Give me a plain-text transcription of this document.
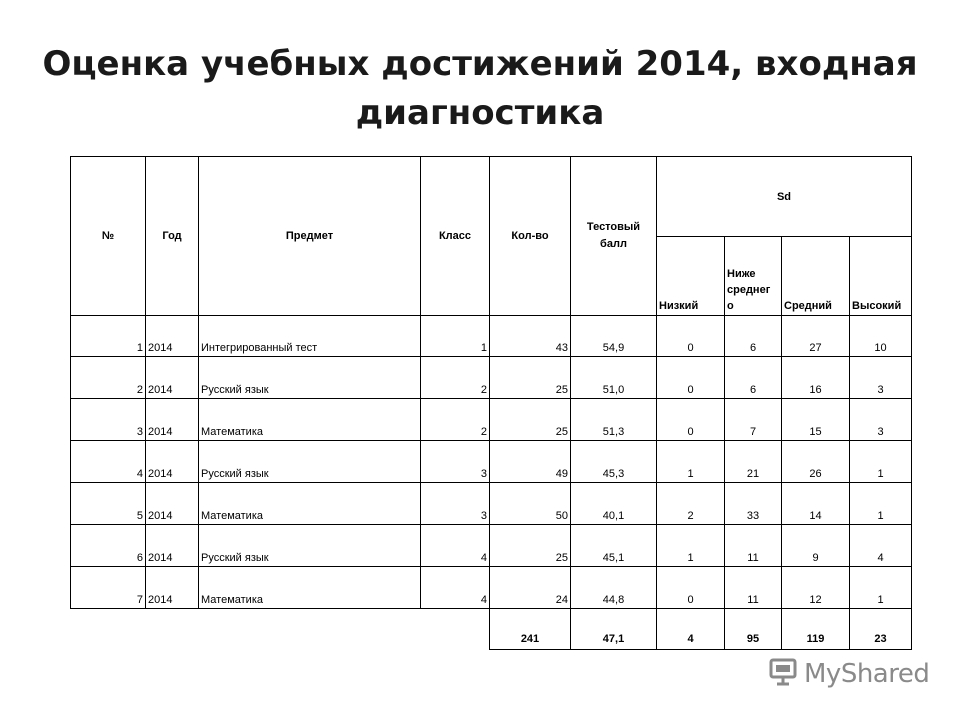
Оценка учебных достижений 2014, входная диагностика
№	Год	Предмет	Класс	Кол-во	Тестовый балл	Sd			
						Низкий	Ниже среднег о	Средний	Высокий
1	2014	Интегрированный тест	1	43	54,9	0	6	27	10
2	2014	Русский язык	2	25	51,0	0	6	16	3
3	2014	Математика	2	25	51,3	0	7	15	3
4	2014	Русский язык	3	49	45,3	1	21	26	1
5	2014	Математика	3	50	40,1	2	33	14	1
6	2014	Русский язык	4	25	45,1	1	11	9	4
7	2014	Математика	4	24	44,8	0	11	12	1
				241	47,1	4	95	119	23
MyShared
